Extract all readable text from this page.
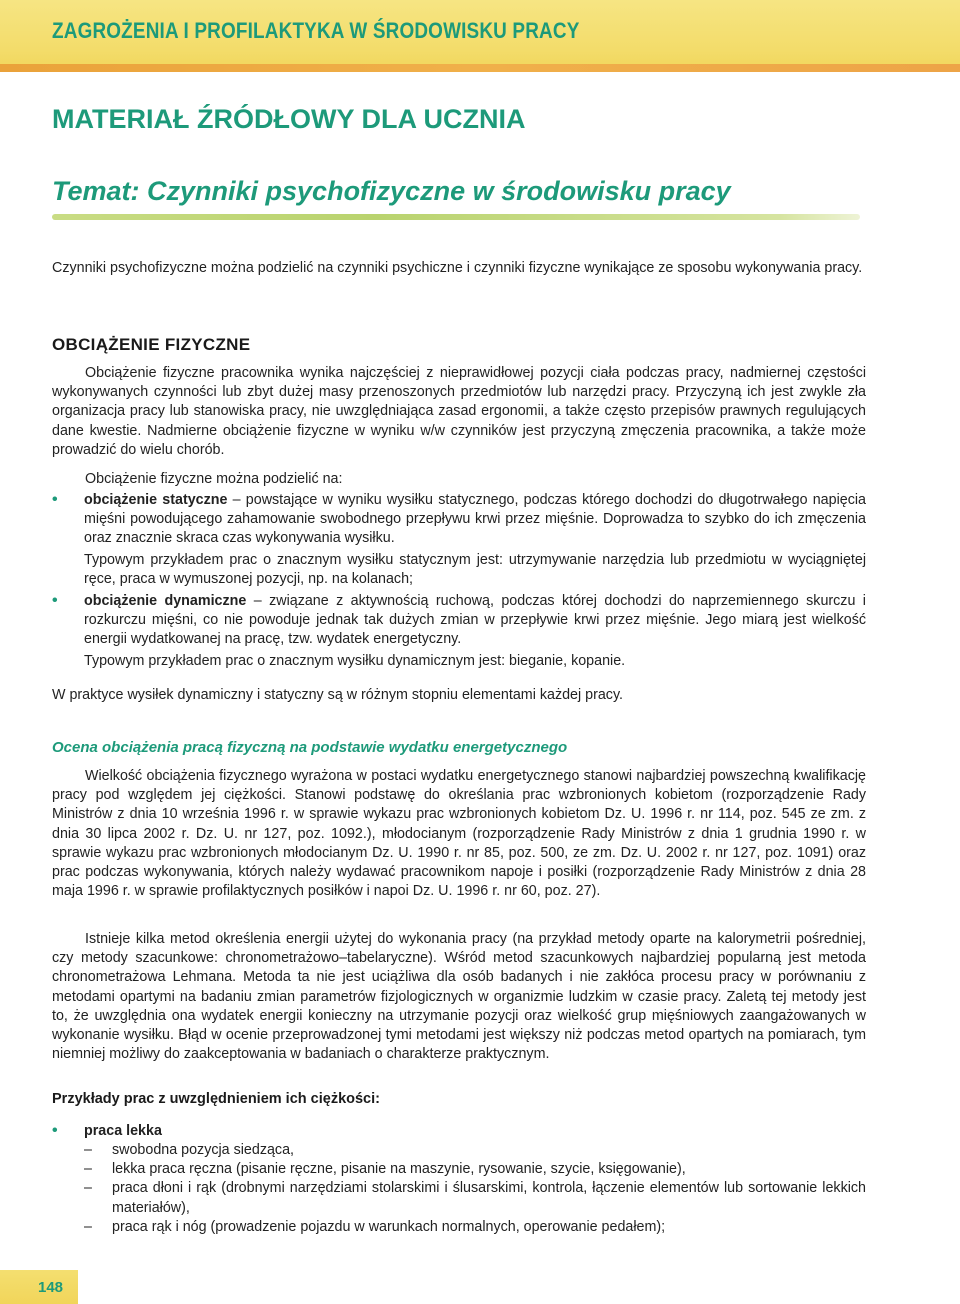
ZAGROŻENIA I PROFILAKTYKA W ŚRODOWISKU PRACY
MATERIAŁ ŹRÓDŁOWY DLA UCZNIA
Temat: Czynniki psychofizyczne w środowisku pracy

Czynniki psychofizyczne można podzielić na czynniki psychiczne i czynniki fizyczne wynikające ze sposobu wykonywania pracy.

OBCIĄŻENIE FIZYCZNE

Obciążenie fizyczne pracownika wynika najczęściej z nieprawidłowej pozycji ciała podczas pracy, nadmiernej częstości wykonywanych czynności lub zbyt dużej masy przenoszonych przedmiotów lub narzędzi pracy. Przyczyną ich jest zwykle zła organizacja pracy lub stanowiska pracy, nie uwzględniająca zasad ergonomii, a także często przepisów prawnych regulujących dane kwestie. Nadmierne obciążenie fizyczne w wyniku w/w czynników jest przyczyną zmęczenia pracownika, a także może prowadzić do wielu chorób.

Obciążenie fizyczne można podzielić na:

•	obciążenie statyczne – powstające w wyniku wysiłku statycznego, podczas którego dochodzi do długotrwałego napięcia mięśni powodującego zahamowanie swobodnego przepływu krwi przez mięśnie. Doprowadza to szybko do ich zmęczenia oraz znacznie skraca czas wykonywania wysiłku.
Typowym przykładem prac o znacznym wysiłku statycznym jest: utrzymywanie narzędzia lub przedmiotu w wyciągniętej ręce, praca w wymuszonej pozycji, np. na kolanach;
•	obciążenie dynamiczne – związane z aktywnością ruchową, podczas której dochodzi do naprzemiennego skurczu i rozkurczu mięśni, co nie powoduje jednak tak dużych zmian w przepływie krwi przez mięśnie. Jego miarą jest wielkość energii wydatkowanej na pracę, tzw. wydatek energetyczny.
Typowym przykładem prac o znacznym wysiłku dynamicznym jest: bieganie, kopanie.

W praktyce wysiłek dynamiczny i statyczny są w różnym stopniu elementami każdej pracy.

Ocena obciążenia pracą fizyczną na podstawie wydatku energetycznego

Wielkość obciążenia fizycznego wyrażona w postaci wydatku energetycznego stanowi najbardziej powszechną kwalifikację pracy pod względem jej ciężkości. Stanowi podstawę do określania prac wzbronionych kobietom (rozporządzenie Rady Ministrów z dnia 10 września 1996 r. w sprawie wykazu prac wzbronionych kobietom Dz. U. 1996 r. nr 114, poz. 545 ze zm. z dnia 30 lipca 2002 r. Dz. U. nr 127, poz. 1092.), młodocianym (rozporządzenie Rady Ministrów z dnia 1 grudnia 1990 r. w sprawie wykazu prac wzbronionych młodocianym Dz. U. 1990 r. nr 85, poz. 500, ze zm. Dz. U. 2002 r. nr 127, poz. 1091) oraz prac podczas wykonywania, których należy wydawać pracownikom napoje i posiłki (rozporządzenie Rady Ministrów z dnia 28 maja 1996 r. w sprawie profilaktycznych posiłków i napoi Dz. U. 1996 r. nr 60, poz. 27).

Istnieje kilka metod określenia energii użytej do wykonania pracy (na przykład metody oparte na kalorymetrii pośredniej, czy metody szacunkowe: chronometrażowo–tabelaryczne). Wśród metod szacunkowych najbardziej popularną jest metoda chronometrażowa Lehmana. Metoda ta nie jest uciążliwa dla osób badanych i nie zakłóca procesu pracy w porównaniu z metodami opartymi na badaniu zmian parametrów fizjologicznych w organizmie ludzkim w czasie pracy. Zaletą tej metody jest to, że uwzględnia ona wydatek energii konieczny na utrzymanie pozycji oraz wielkość grup mięśniowych zaangażowanych w wykonanie wysiłku. Błąd w ocenie przeprowadzonej tymi metodami jest większy niż podczas metod opartych na pomiarach, tym niemniej możliwy do zaakceptowania w badaniach o charakterze praktycznym.

Przykłady prac z uwzględnieniem ich ciężkości:
•	praca lekka
– swobodna pozycja siedząca,
– lekka praca ręczna (pisanie ręczne, pisanie na maszynie, rysowanie, szycie, księgowanie),
– praca dłoni i rąk (drobnymi narzędziami stolarskimi i ślusarskimi, kontrola, łączenie elementów lub sortowanie lekkich materiałów),
– praca rąk i nóg (prowadzenie pojazdu w warunkach normalnych, operowanie pedałem);
148
